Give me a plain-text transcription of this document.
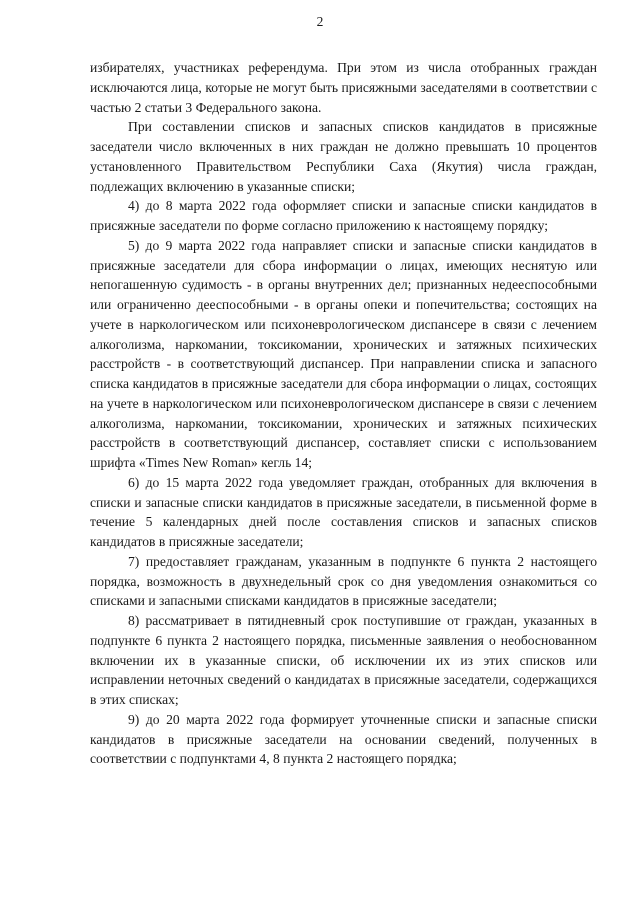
2

избирателях, участниках референдума. При этом из числа отобранных граждан исключаются лица, которые не могут быть присяжными заседателями в соответствии с частью 2 статьи 3 Федерального закона.

При составлении списков и запасных списков кандидатов в присяжные заседатели число включенных в них граждан не должно превышать 10 процентов установленного Правительством Республики Саха (Якутия) числа граждан, подлежащих включению в указанные списки;

4) до 8 марта 2022 года оформляет списки и запасные списки кандидатов в присяжные заседатели по форме согласно приложению к настоящему порядку;

5) до 9 марта 2022 года направляет списки и запасные списки кандидатов в присяжные заседатели для сбора информации о лицах, имеющих неснятую или непогашенную судимость - в органы внутренних дел; признанных недееспособными или ограниченно дееспособными - в органы опеки и попечительства; состоящих на учете в наркологическом или психоневрологическом диспансере в связи с лечением алкоголизма, наркомании, токсикомании, хронических и затяжных психических расстройств - в соответствующий диспансер. При направлении списка и запасного списка кандидатов в присяжные заседатели для сбора информации о лицах, состоящих на учете в наркологическом или психоневрологическом диспансере в связи с лечением алкоголизма, наркомании, токсикомании, хронических и затяжных психических расстройств в соответствующий диспансер, составляет списки с использованием шрифта «Times New Roman» кегль 14;

6) до 15 марта 2022 года уведомляет граждан, отобранных для включения в списки и запасные списки кандидатов в присяжные заседатели, в письменной форме в течение 5 календарных дней после составления списков и запасных списков кандидатов в присяжные заседатели;

7) предоставляет гражданам, указанным в подпункте 6 пункта 2 настоящего порядка, возможность в двухнедельный срок со дня уведомления ознакомиться со списками и запасными списками кандидатов в присяжные заседатели;

8) рассматривает в пятидневный срок поступившие от граждан, указанных в подпункте 6 пункта 2 настоящего порядка, письменные заявления о необоснованном включении их в указанные списки, об исключении их из этих списков или исправлении неточных сведений о кандидатах в присяжные заседатели, содержащихся в этих списках;

9) до 20 марта 2022 года формирует уточненные списки и запасные списки кандидатов в присяжные заседатели на основании сведений, полученных в соответствии с подпунктами 4, 8 пункта 2 настоящего порядка;
